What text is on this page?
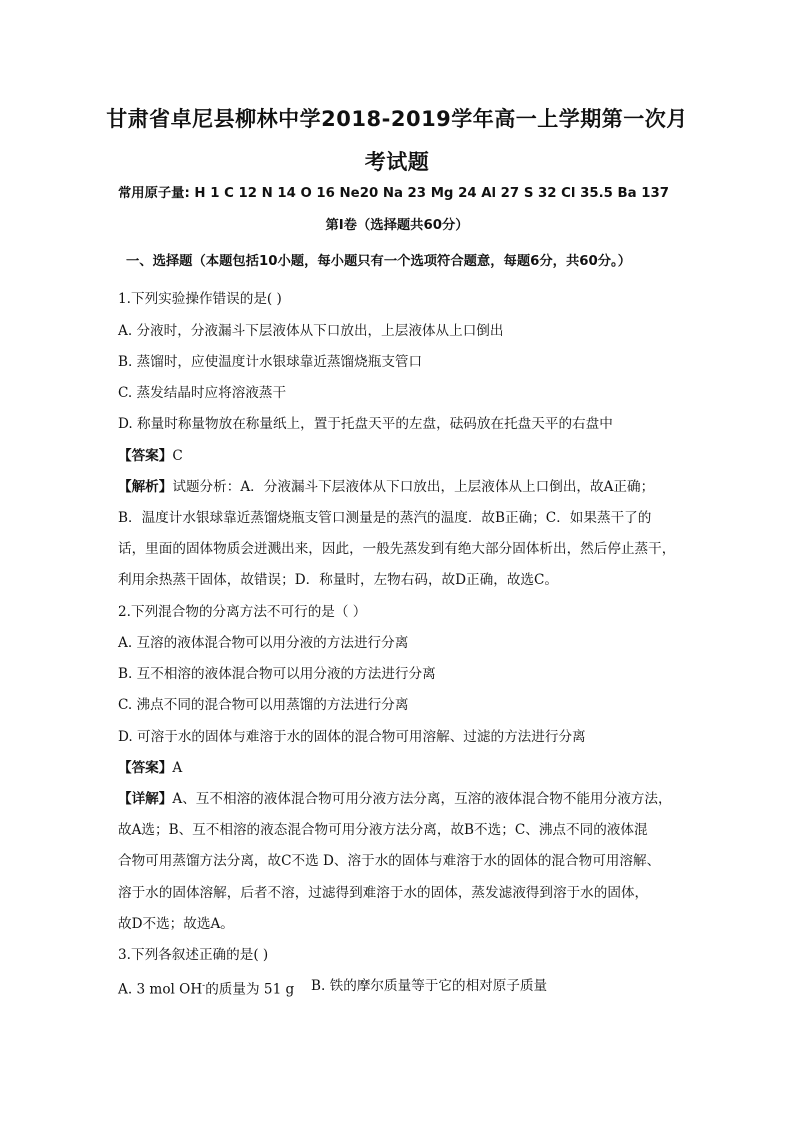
甘肃省卓尼县柳林中学2018-2019学年高一上学期第一次月
考试题
常用原子量: H 1 C 12 N 14 O 16 Ne20 Na 23 Mg 24 Al 27 S 32 Cl 35.5 Ba 137
第I卷（选择题共60分）
一、选择题（本题包括10小题，每小题只有一个选项符合题意，每题6分，共60分。）
1.下列实验操作错误的是( )
A. 分液时，分液漏斗下层液体从下口放出，上层液体从上口倒出
B. 蒸馏时，应使温度计水银球靠近蒸馏烧瓶支管口
C. 蒸发结晶时应将溶液蒸干
D. 称量时称量物放在称量纸上，置于托盘天平的左盘，砝码放在托盘天平的右盘中
【答案】C
【解析】试题分析：A．分液漏斗下层液体从下口放出，上层液体从上口倒出，故A正确；
B．温度计水银球靠近蒸馏烧瓶支管口测量是的蒸汽的温度．故B正确；C．如果蒸干了的
话，里面的固体物质会迸溅出来，因此，一般先蒸发到有绝大部分固体析出，然后停止蒸干，
利用余热蒸干固体，故错误；D．称量时，左物右码，故D正确，故选C。
2.下列混合物的分离方法不可行的是（ ）
A. 互溶的液体混合物可以用分液的方法进行分离
B. 互不相溶的液体混合物可以用分液的方法进行分离
C. 沸点不同的混合物可以用蒸馏的方法进行分离
D. 可溶于水的固体与难溶于水的固体的混合物可用溶解、过滤的方法进行分离
【答案】A
【详解】A、互不相溶的液体混合物可用分液方法分离，互溶的液体混合物不能用分液方法，
故A选；B、互不相溶的液态混合物可用分液方法分离，故B不选；C、沸点不同的液体混
合物可用蒸馏方法分离，故C不选 D、溶于水的固体与难溶于水的固体的混合物可用溶解、
溶于水的固体溶解，后者不溶，过滤得到难溶于水的固体，蒸发滤液得到溶于水的固体，
故D不选；故选A。
3.下列各叙述正确的是( )
A. 3 mol OH-的质量为 51 g B. 铁的摩尔质量等于它的相对原子质量
